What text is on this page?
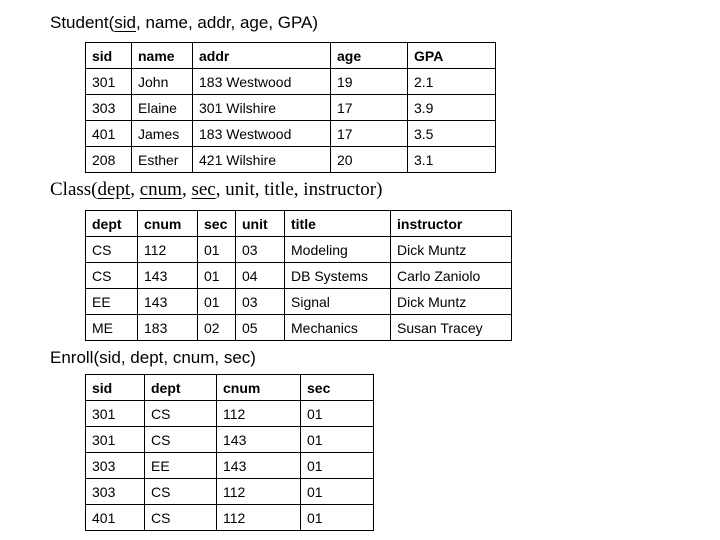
Student(sid, name, addr, age, GPA)
sid	name	addr	age	GPA
301	John	183 Westwood	19	2.1
303	Elaine	301 Wilshire	17	3.9
401	James	183 Westwood	17	3.5
208	Esther	421 Wilshire	20	3.1
Class(dept, cnum, sec, unit, title, instructor)
dept	cnum	sec	unit	title	instructor
CS	112	01	03	Modeling	Dick Muntz
CS	143	01	04	DB Systems	Carlo Zaniolo
EE	143	01	03	Signal	Dick Muntz
ME	183	02	05	Mechanics	Susan Tracey
Enroll(sid, dept, cnum, sec)
sid	dept	cnum	sec
301	CS	112	01
301	CS	143	01
303	EE	143	01
303	CS	112	01
401	CS	112	01
